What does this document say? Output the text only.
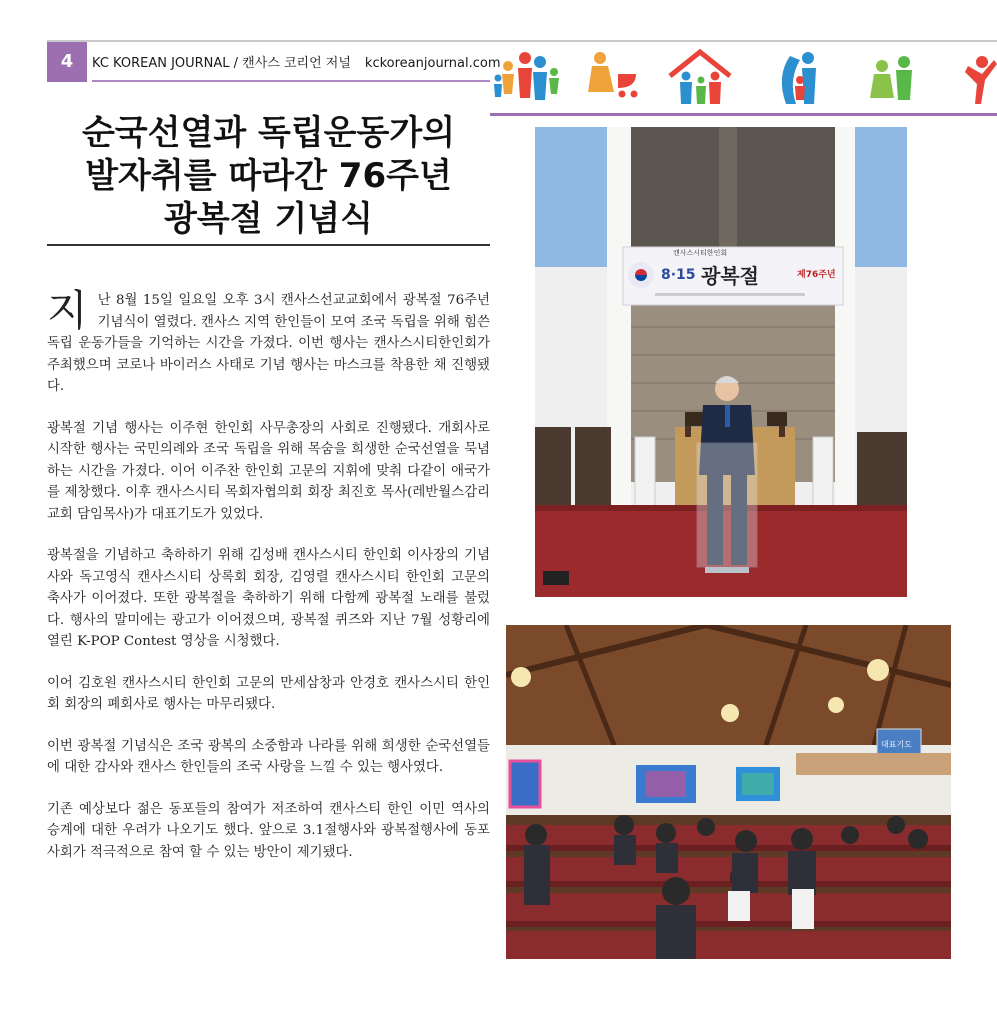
4	KC KOREAN JOURNAL / 캔사스 코리언 저널 kckoreanjournal.com
순국선열과 독립운동가의
발자취를 따라간 76주년
광복절 기념식

지난 8월 15일 일요일 오후 3시 캔사스선교교회에서 광복절 76주년 기념식이 열렸다. 캔사스 지역 한인들이 모여 조국 독립을 위해 힘쓴 독립 운동가들을 기억하는 시간을 가졌다. 이번 행사는 캔사스시티한인회가 주최했으며 코로나 바이러스 사태로 기념 행사는 마스크를 착용한 채 진행됐다.

광복절 기념 행사는 이주현 한인회 사무총장의 사회로 진행됐다. 개회사로 시작한 행사는 국민의례와 조국 독립을 위해 목숨을 희생한 순국선열을 묵념하는 시간을 가졌다. 이어 이주찬 한인회 고문의 지휘에 맞춰 다같이 애국가를 제창했다. 이후 캔사스시티 목회자협의회 회장 최진호 목사(레반월스감리교회 담임목사)가 대표기도가 있었다.

광복절을 기념하고 축하하기 위해 김성배 캔사스시티 한인회 이사장의 기념사와 독고영식 캔사스시티 상록회 회장, 김영렬 캔사스시티 한인회 고문의 축사가 이어졌다. 또한 광복절을 축하하기 위해 다함께 광복절 노래를 불렀다. 행사의 말미에는 광고가 이어졌으며, 광복절 퀴즈와 지난 7월 성황리에 열린 K-POP Contest 영상을 시청했다.

이어 김호원 캔사스시티 한인회 고문의 만세삼창과 안경호 캔사스시티 한인회 회장의 폐회사로 행사는 마무리됐다.

이번 광복절 기념식은 조국 광복의 소중함과 나라를 위해 희생한 순국선열들에 대한 감사와 캔사스 한인들의 조국 사랑을 느낄 수 있는 행사였다.

기존 예상보다 젊은 동포들의 참여가 저조하여 캔사스티 한인 이민 역사의 승계에 대한 우려가 나오기도 했다. 앞으로 3.1절행사와 광복절행사에 동포사회가 적극적으로 참여 할 수 있는 방안이 제기됐다.

캔사스시티한인회
8·15 광복절	제76주년
대표기도
